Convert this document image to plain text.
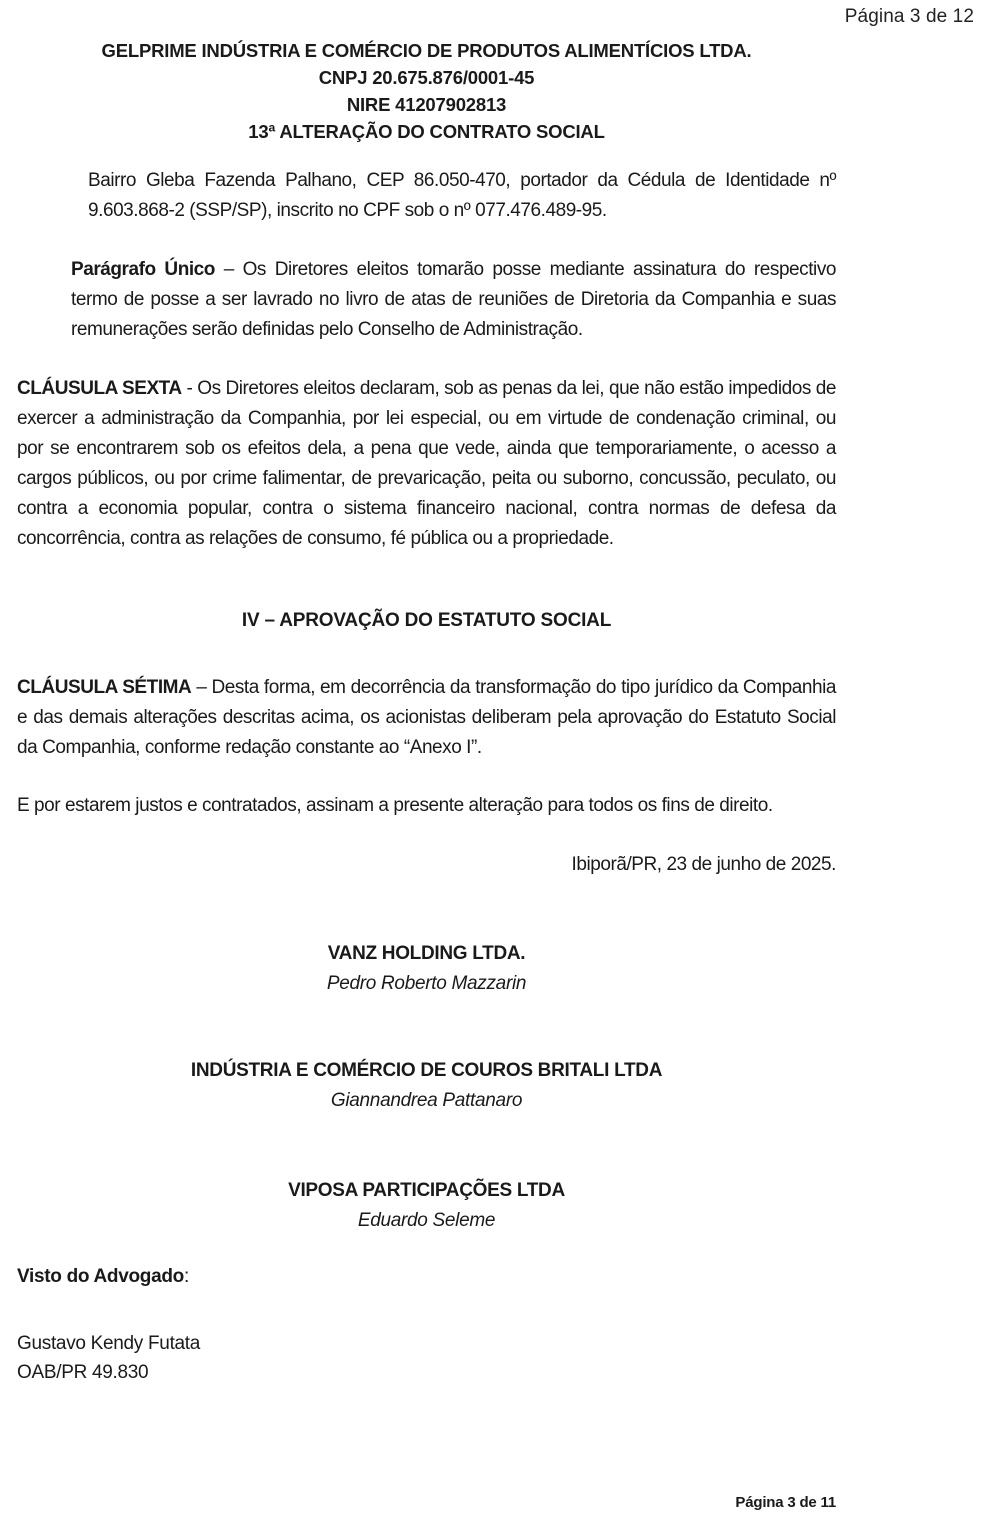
Página 3 de 12
GELPRIME INDÚSTRIA E COMÉRCIO DE PRODUTOS ALIMENTÍCIOS LTDA.
CNPJ 20.675.876/0001-45
NIRE 41207902813
13ª ALTERAÇÃO DO CONTRATO SOCIAL
Bairro Gleba Fazenda Palhano, CEP 86.050-470, portador da Cédula de Identidade nº 9.603.868-2 (SSP/SP), inscrito no CPF sob o nº 077.476.489-95.
Parágrafo Único – Os Diretores eleitos tomarão posse mediante assinatura do respectivo termo de posse a ser lavrado no livro de atas de reuniões de Diretoria da Companhia e suas remunerações serão definidas pelo Conselho de Administração.
CLÁUSULA SEXTA - Os Diretores eleitos declaram, sob as penas da lei, que não estão impedidos de exercer a administração da Companhia, por lei especial, ou em virtude de condenação criminal, ou por se encontrarem sob os efeitos dela, a pena que vede, ainda que temporariamente, o acesso a cargos públicos, ou por crime falimentar, de prevaricação, peita ou suborno, concussão, peculato, ou contra a economia popular, contra o sistema financeiro nacional, contra normas de defesa da concorrência, contra as relações de consumo, fé pública ou a propriedade.
IV – APROVAÇÃO DO ESTATUTO SOCIAL
CLÁUSULA SÉTIMA – Desta forma, em decorrência da transformação do tipo jurídico da Companhia e das demais alterações descritas acima, os acionistas deliberam pela aprovação do Estatuto Social da Companhia, conforme redação constante ao “Anexo I”.
E por estarem justos e contratados, assinam a presente alteração para todos os fins de direito.
Ibiporã/PR, 23 de junho de 2025.
VANZ HOLDING LTDA.
Pedro Roberto Mazzarin
INDÚSTRIA E COMÉRCIO DE COUROS BRITALI LTDA
Giannandrea Pattanaro
VIPOSA PARTICIPAÇÕES LTDA
Eduardo Seleme
Visto do Advogado:
Gustavo Kendy Futata
OAB/PR 49.830
Página 3 de 11
